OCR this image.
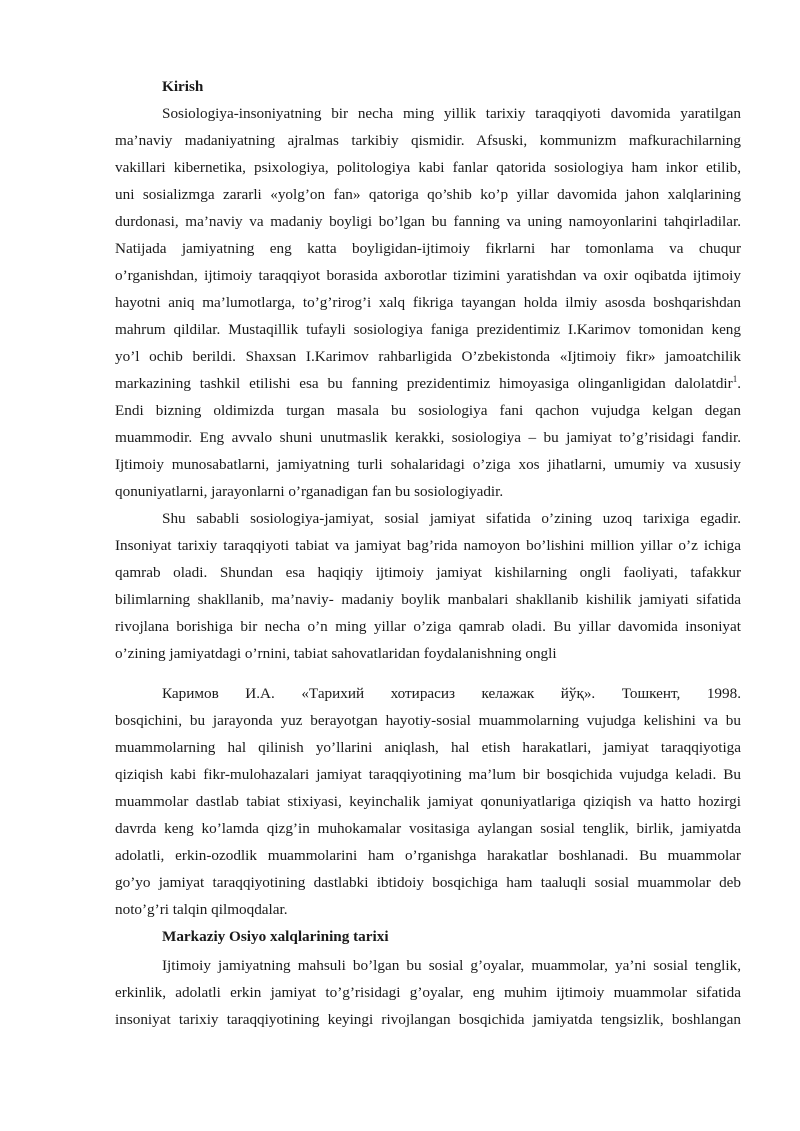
Kirish
Sosiologiya-insoniyatning bir necha ming yillik tarixiy taraqqiyoti davomida yaratilgan
ma’naviy madaniyatning ajralmas tarkibiy qismidir. Afsuski, kommunizm mafkurachilarning
vakillari kibernetika, psixologiya, politologiya kabi fanlar qatorida sosiologiya ham inkor etilib,
uni sosializmga zararli «yolg’on fan» qatoriga qo’shib ko’p yillar davomida jahon xalqlarining
durdonasi, ma’naviy va madaniy boyligi bo’lgan bu fanning va uning namoyonlarini tahqirladilar.
Natijada jamiyatning eng katta boyligidan-ijtimoiy fikrlarni har tomonlama va chuqur
o’rganishdan, ijtimoiy taraqqiyot borasida axborotlar tizimini yaratishdan va oxir oqibatda ijtimoiy
hayotni aniq ma’lumotlarga, to’g’rirog’i xalq fikriga tayangan holda ilmiy asosda boshqarishdan
mahrum qildilar. Mustaqillik tufayli sosiologiya faniga prezidentimiz I.Karimov tomonidan keng
yo’l ochib berildi. Shaxsan I.Karimov rahbarligida O’zbekistonda «Ijtimoiy fikr» jamoatchilik
markazining tashkil etilishi esa bu fanning prezidentimiz himoyasiga olinganligidan dalolatdir$^1$.
Endi bizning oldimizda turgan masala bu sosiologiya fani qachon vujudga kelgan degan
muammodir. Eng avvalo shuni unutmaslik kerakki, sosiologiya – bu jamiyat to’g’risidagi fandir.
Ijtimoiy munosabatlarni, jamiyatning turli sohalaridagi o’ziga xos jihatlarni, umumiy va xususiy
qonuniyatlarni, jarayonlarni o’rganadigan fan bu sosiologiyadir.
Shu sababli sosiologiya-jamiyat, sosial jamiyat sifatida o’zining uzoq tarixiga egadir.
Insoniyat tarixiy taraqqiyoti tabiat va jamiyat bag’rida namoyon bo’lishini million yillar o’z ichiga
qamrab oladi. Shundan esa haqiqiy ijtimoiy jamiyat kishilarning ongli faoliyati, tafakkur
bilimlarning shakllanib, ma’naviy- madaniy boylik manbalari shakllanib kishilik jamiyati sifatida
rivojlana borishiga bir necha o’n ming yillar o’ziga qamrab oladi. Bu yillar davomida insoniyat
o’zining jamiyatdagi o’rnini, tabiat sahovatlaridan foydalanishning ongli
Каримов И.А. «Тарихий хотирасиз келажак йўқ». Тошкент, 1998.
bosqichini, bu jarayonda yuz berayotgan hayotiy-sosial muammolarning vujudga kelishini va bu
muammolarning hal qilinish yo’llarini aniqlash, hal etish harakatlari, jamiyat taraqqiyotiga
qiziqish kabi fikr-mulohazalari jamiyat taraqqiyotining ma’lum bir bosqichida vujudga keladi. Bu
muammolar dastlab tabiat stixiyasi, keyinchalik jamiyat qonuniyatlariga qiziqish va hatto hozirgi
davrda keng ko’lamda qizg’in muhokamalar vositasiga aylangan sosial tenglik, birlik, jamiyatda
adolatli, erkin-ozodlik muammolarini ham o’rganishga harakatlar boshlanadi. Bu muammolar
go’yo jamiyat taraqqiyotining dastlabki ibtidoiy bosqichiga ham taaluqli sosial muammolar deb
noto’g’ri talqin qilmoqdalar.
Markaziy Osiyo xalqlarining tarixi
Ijtimoiy jamiyatning mahsuli bo’lgan bu sosial g’oyalar, muammolar, ya’ni sosial tenglik,
erkinlik, adolatli erkin jamiyat to’g’risidagi g’oyalar, eng muhim ijtimoiy muammolar sifatida
insoniyat tarixiy taraqqiyotining keyingi rivojlangan bosqichida jamiyatda tengsizlik, boshlangan
